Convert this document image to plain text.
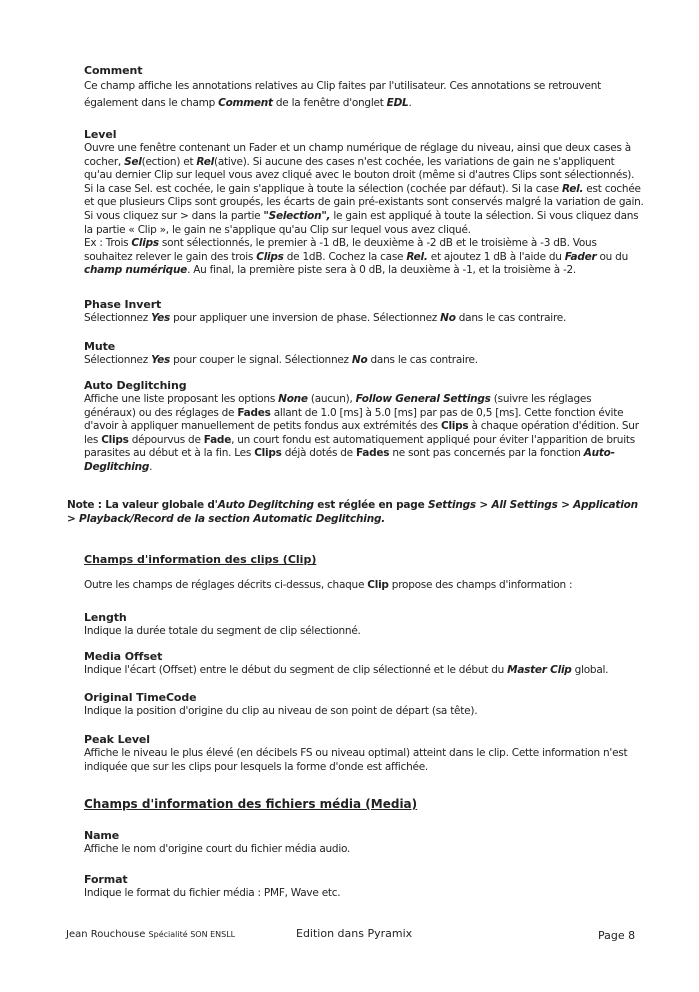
Comment
Ce champ affiche les annotations relatives au Clip faites par l'utilisateur. Ces annotations se retrouvent
également dans le champ Comment de la fenêtre d'onglet EDL.
Level
Ouvre une fenêtre contenant un Fader et un champ numérique de réglage du niveau, ainsi que deux cases à cocher, Sel(ection) et Rel(ative). Si aucune des cases n'est cochée, les variations de gain ne s'appliquent qu'au dernier Clip sur lequel vous avez cliqué avec le bouton droit (même si d'autres Clips sont sélectionnés). Si la case Sel. est cochée, le gain s'applique à toute la sélection (cochée par défaut). Si la case Rel. est cochée et que plusieurs Clips sont groupés, les écarts de gain pré-existants sont conservés malgré la variation de gain.
Si vous cliquez sur > dans la partie "Selection", le gain est appliqué à toute la sélection. Si vous cliquez dans la partie « Clip », le gain ne s'applique qu'au Clip sur lequel vous avez cliqué.
Ex : Trois Clips sont sélectionnés, le premier à -1 dB, le deuxième à -2 dB et le troisième à -3 dB. Vous souhaitez relever le gain des trois Clips de 1dB. Cochez la case Rel. et ajoutez 1 dB à l'aide du Fader ou du champ numérique. Au final, la première piste sera à 0 dB, la deuxième à -1, et la troisième à -2.
Phase Invert
Sélectionnez Yes pour appliquer une inversion de phase. Sélectionnez No dans le cas contraire.
Mute
Sélectionnez Yes pour couper le signal. Sélectionnez No dans le cas contraire.
Auto Deglitching
Affiche une liste proposant les options None (aucun), Follow General Settings (suivre les réglages généraux) ou des réglages de Fades allant de 1.0 [ms] à 5.0 [ms] par pas de 0,5 [ms]. Cette fonction évite d'avoir à appliquer manuellement de petits fondus aux extrémités des Clips à chaque opération d'édition. Sur les Clips dépourvus de Fade, un court fondu est automatiquement appliqué pour éviter l'apparition de bruits parasites au début et à la fin. Les Clips déjà dotés de Fades ne sont pas concernés par la fonction Auto-Deglitching.
Note : La valeur globale d'Auto Deglitching est réglée en page Settings > All Settings > Application > Playback/Record de la section Automatic Deglitching.
Champs d'information des clips (Clip)
Outre les champs de réglages décrits ci-dessus, chaque Clip propose des champs d'information :
Length
Indique la durée totale du segment de clip sélectionné.
Media Offset
Indique l'écart (Offset) entre le début du segment de clip sélectionné et le début du Master Clip global.
Original TimeCode
Indique la position d'origine du clip au niveau de son point de départ (sa tête).
Peak Level
Affiche le niveau le plus élevé (en décibels FS ou niveau optimal) atteint dans le clip. Cette information n'est indiquée que sur les clips pour lesquels la forme d'onde est affichée.
Champs d'information des fichiers média (Media)
Name
Affiche le nom d'origine court du fichier média audio.
Format
Indique le format du fichier média : PMF, Wave etc.
Jean Rouchouse Spécialité SON ENSLL	Edition dans Pyramix	Page 8
